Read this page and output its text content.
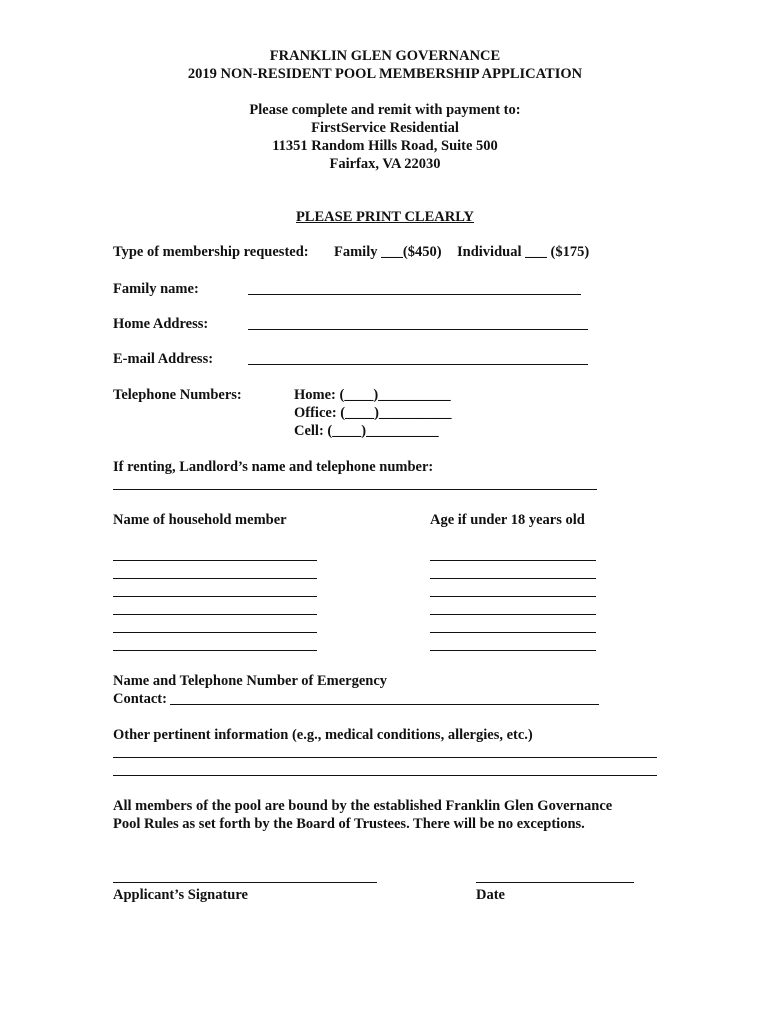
FRANKLIN GLEN GOVERNANCE
2019 NON-RESIDENT POOL MEMBERSHIP APPLICATION
Please complete and remit with payment to:
FirstService Residential
11351 Random Hills Road, Suite 500
Fairfax, VA 22030
PLEASE PRINT CLEARLY
Type of membership requested: Family ___($450) Individual ___ ($175)
Family name:
Home Address:
E-mail Address:
Telephone Numbers:	Home: (____)__________
Office: (____)__________
Cell: (____)__________
If renting, Landlord’s name and telephone number:
Name of household member	Age if under 18 years old
Name and Telephone Number of Emergency
Contact:
Other pertinent information (e.g., medical conditions, allergies, etc.)
All members of the pool are bound by the established Franklin Glen Governance
Pool Rules as set forth by the Board of Trustees. There will be no exceptions.
Applicant’s Signature	Date
